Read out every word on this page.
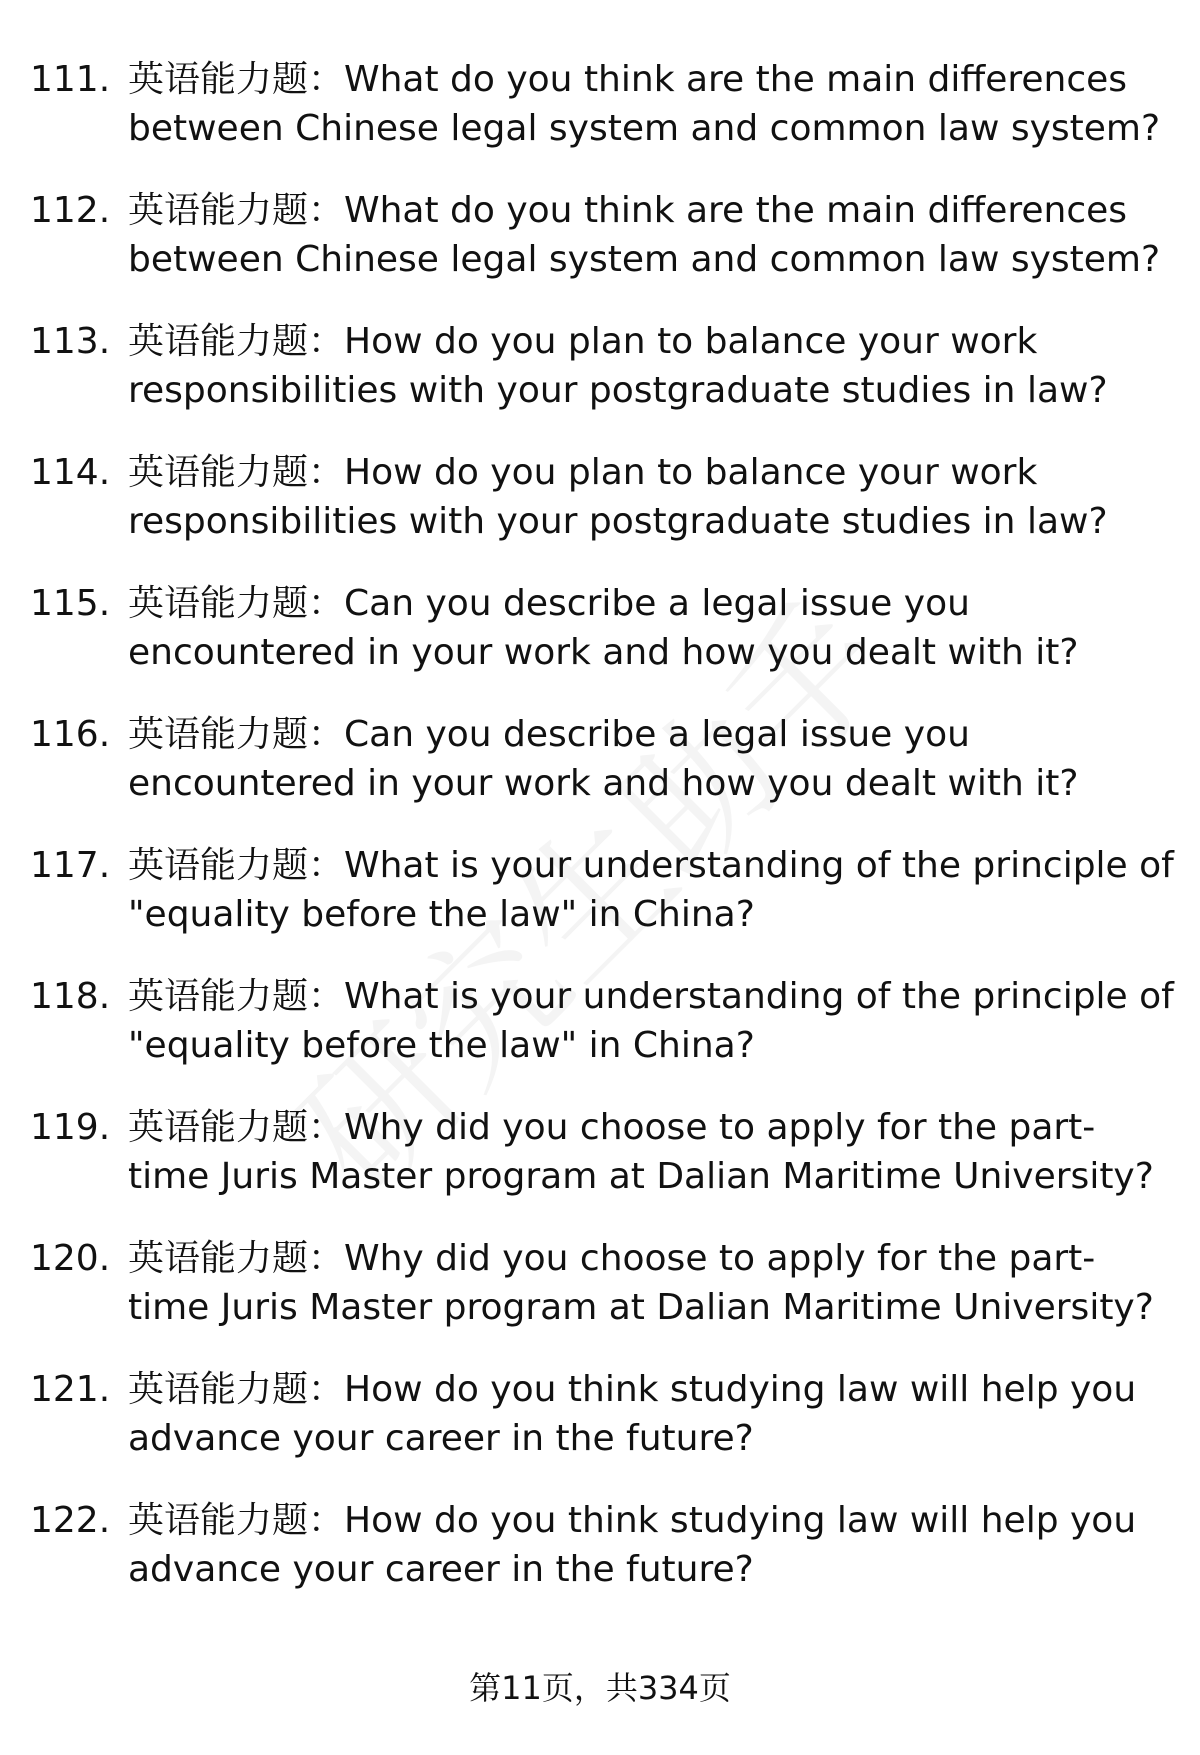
111. 英语能力题：What do you think are the main differences between Chinese legal system and common law system?
112. 英语能力题：What do you think are the main differences between Chinese legal system and common law system?
113. 英语能力题：How do you plan to balance your work responsibilities with your postgraduate studies in law?
114. 英语能力题：How do you plan to balance your work responsibilities with your postgraduate studies in law?
115. 英语能力题：Can you describe a legal issue you encountered in your work and how you dealt with it?
116. 英语能力题：Can you describe a legal issue you encountered in your work and how you dealt with it?
117. 英语能力题：What is your understanding of the principle of "equality before the law" in China?
118. 英语能力题：What is your understanding of the principle of "equality before the law" in China?
119. 英语能力题：Why did you choose to apply for the part-time Juris Master program at Dalian Maritime University?
120. 英语能力题：Why did you choose to apply for the part-time Juris Master program at Dalian Maritime University?
121. 英语能力题：How do you think studying law will help you advance your career in the future?
122. 英语能力题：How do you think studying law will help you advance your career in the future?
第11页，共334页
